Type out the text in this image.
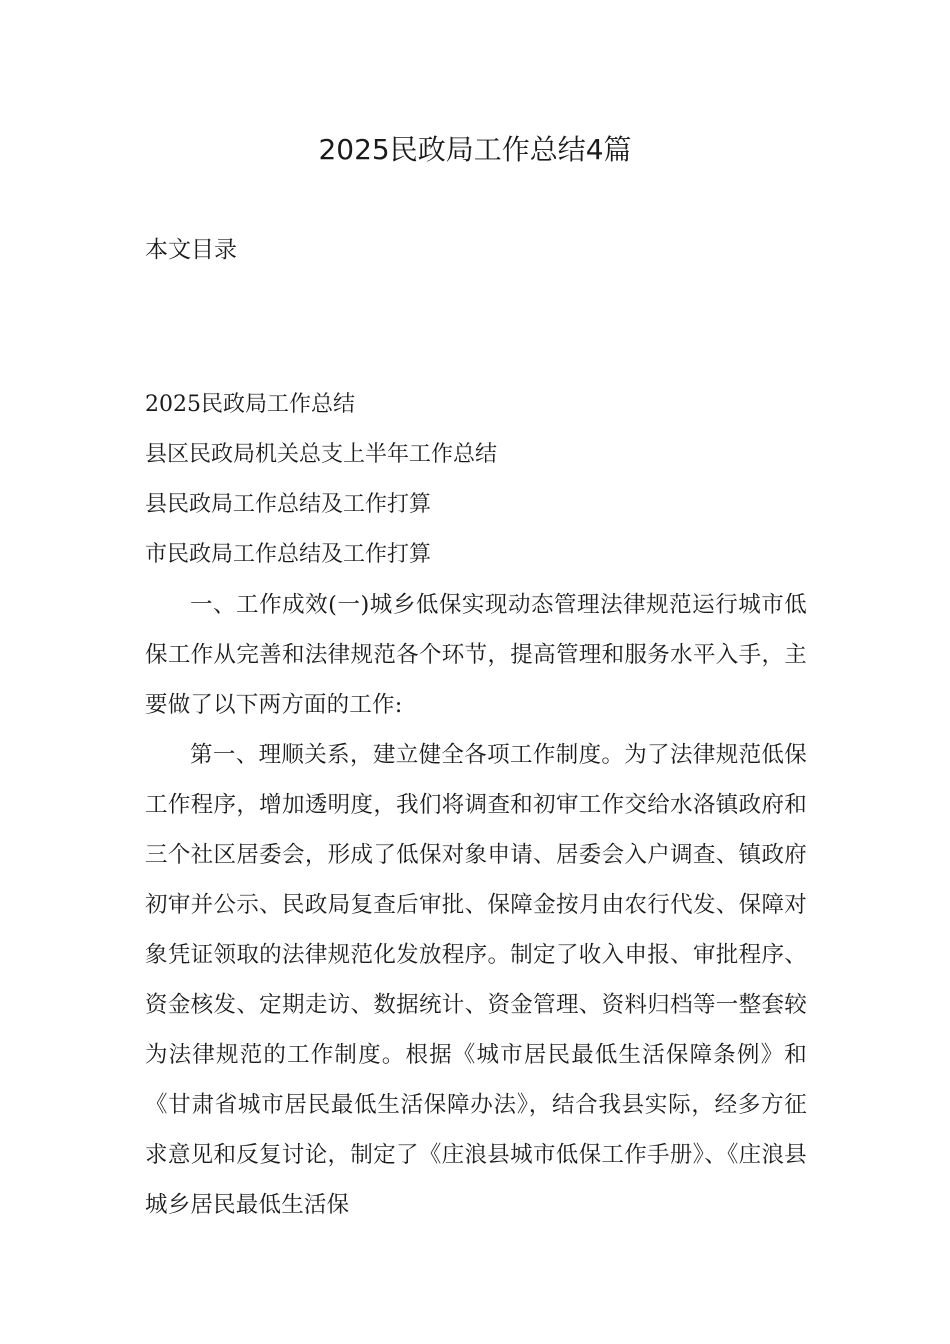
2025民政局工作总结4篇
本文目录
2025民政局工作总结
县区民政局机关总支上半年工作总结
县民政局工作总结及工作打算
市民政局工作总结及工作打算

一、工作成效(一)城乡低保实现动态管理法律规范运行城市低保工作从完善和法律规范各个环节，提高管理和服务水平入手，主要做了以下两方面的工作:

第一、理顺关系，建立健全各项工作制度。为了法律规范低保工作程序，增加透明度，我们将调查和初审工作交给水洛镇政府和三个社区居委会，形成了低保对象申请、居委会入户调查、镇政府初审并公示、民政局复查后审批、保障金按月由农行代发、保障对象凭证领取的法律规范化发放程序。制定了收入申报、审批程序、资金核发、定期走访、数据统计、资金管理、资料归档等一整套较为法律规范的工作制度。根据《城市居民最低生活保障条例》和《甘肃省城市居民最低生活保障办法》，结合我县实际，经多方征求意见和反复讨论，制定了《庄浪县城市低保工作手册》、《庄浪县城乡居民最低生活保
